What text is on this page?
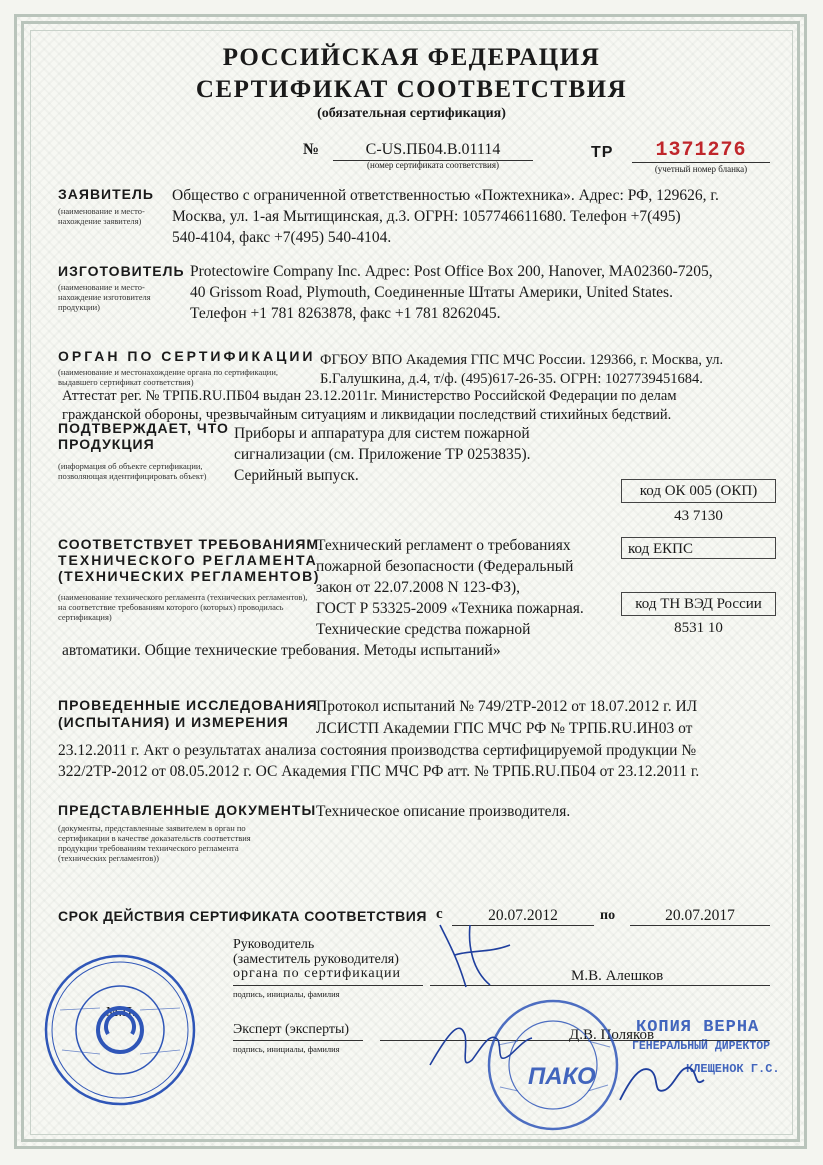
РОССИЙСКАЯ ФЕДЕРАЦИЯ
СЕРТИФИКАТ СООТВЕТСТВИЯ
(обязательная сертификация)
№	С-US.ПБ04.В.01114
(номер сертификата соответствия)
ТР	1371276
(учетный номер бланка)
ЗАЯВИТЕЛЬ
(наименование и место-нахождение заявителя)
Общество с ограниченной ответственностью «Пожтехника». Адрес: РФ, 129626, г.
Москва, ул. 1-ая Мытищинская, д.3. ОГРН: 1057746611680. Телефон +7(495)
540-4104, факс +7(495) 540-4104.
ИЗГОТОВИТЕЛЬ
(наименование и место-нахождение изготовителя продукции)
Protectowire Company Inc. Адрес: Post Office Box 200, Hanover, MA02360-7205,
40 Grissom Road, Plymouth, Соединенные Штаты Америки, United States.
Телефон +1 781 8263878, факс +1 781 8262045.
ОРГАН ПО СЕРТИФИКАЦИИ
(наименование и местонахождение органа по сертификации, выдавшего сертификат соответствия)
ФГБОУ ВПО Академия ГПС МЧС России. 129366, г. Москва, ул.
Б.Галушкина, д.4, т/ф. (495)617-26-35. ОГРН: 1027739451684.
Аттестат рег. № ТРПБ.RU.ПБ04 выдан 23.12.2011г. Министерство Российской Федерации по делам
гражданской обороны, чрезвычайным ситуациям и ликвидации последствий стихийных бедствий.
ПОДТВЕРЖДАЕТ, ЧТО
ПРОДУКЦИЯ
(информация об объекте сертификации, позволяющая идентифицировать объект)
Приборы и аппаратура для систем пожарной
сигнализации (см. Приложение ТР 0253835).
Серийный выпуск.
код ОК 005 (ОКП)
43 7130
код ЕКПС
код ТН ВЭД России
8531 10
СООТВЕТСТВУЕТ ТРЕБОВАНИЯМ
ТЕХНИЧЕСКОГО РЕГЛАМЕНТА
(ТЕХНИЧЕСКИХ РЕГЛАМЕНТОВ)
(наименование технического регламента (технических регламентов), на соответствие требованиям которого (которых) проводилась сертификация)
Технический регламент о требованиях
пожарной безопасности (Федеральный
закон от 22.07.2008 N 123-ФЗ),
ГОСТ Р 53325-2009 «Техника пожарная.
Технические средства пожарной
автоматики. Общие технические требования. Методы испытаний»
ПРОВЕДЕННЫЕ ИССЛЕДОВАНИЯ
(ИСПЫТАНИЯ) И ИЗМЕРЕНИЯ
Протокол испытаний № 749/2ТР-2012 от 18.07.2012 г. ИЛ
ЛСИСТП Академии ГПС МЧС РФ № ТРПБ.RU.ИН03 от
23.12.2011 г. Акт о результатах анализа состояния производства сертифицируемой продукции №
322/2ТР-2012 от 08.05.2012 г. ОС Академия ГПС МЧС РФ атт. № ТРПБ.RU.ПБ04 от 23.12.2011 г.
ПРЕДСТАВЛЕННЫЕ ДОКУМЕНТЫ
(документы, представленные заявителем в орган по сертификации в качестве доказательств соответствия продукции требованиям технического регламента (технических регламентов))
Техническое описание производителя.
СРОК ДЕЙСТВИЯ СЕРТИФИКАТА СООТВЕТСТВИЯ с	20.07.2012	по	20.07.2017
Руководитель
(заместитель руководителя)
органа по сертификации
подпись, инициалы, фамилия
М.В. Алешков
М.П.
Эксперт (эксперты)
подпись, инициалы, фамилия
Д.В. Поляков
ПАКО
КОПИЯ ВЕРНА
ГЕНЕРАЛЬНЫЙ ДИРЕКТОР
КЛЕЩЕНОК Г.С.
